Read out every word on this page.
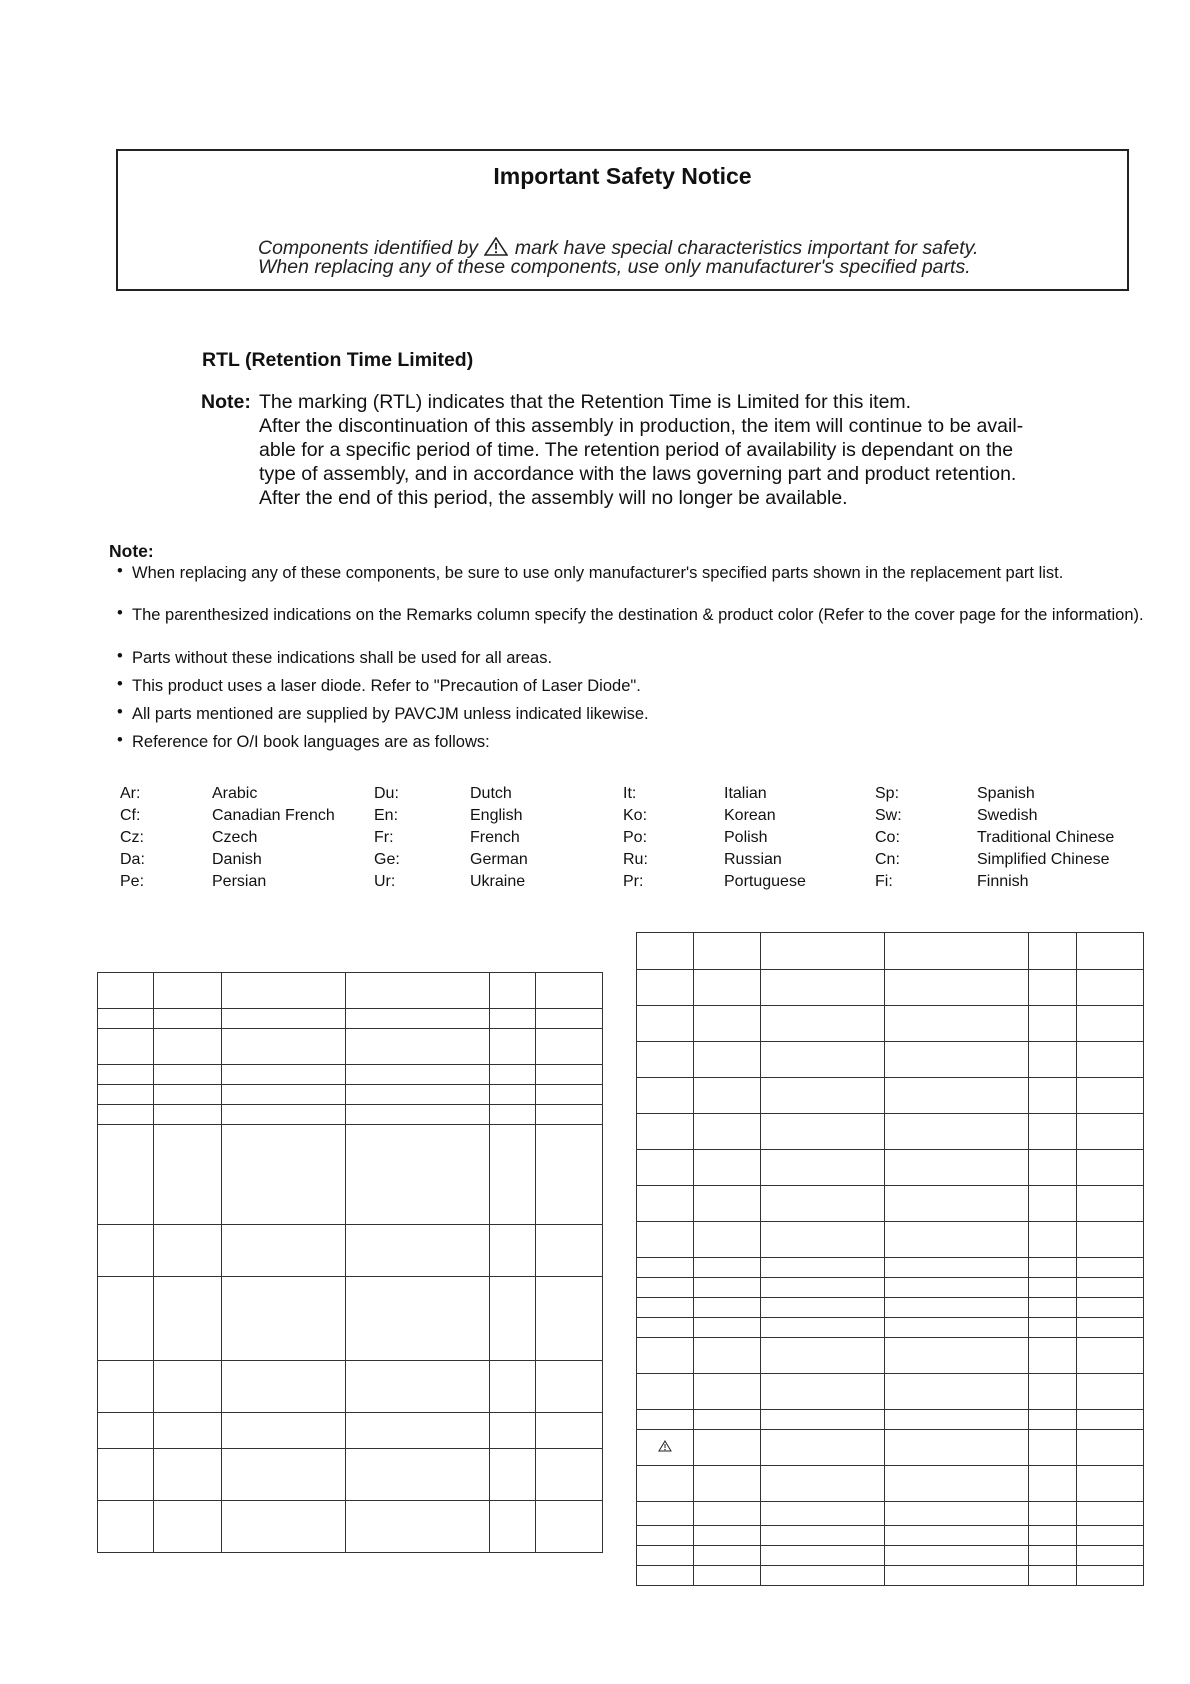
Important Safety Notice
Components identified by mark have special characteristics important for safety.
When replacing any of these components, use only manufacturer's specified parts.
RTL (Retention Time Limited)
Note: The marking (RTL) indicates that the Retention Time is Limited for this item.
After the discontinuation of this assembly in production, the item will continue to be avail-
able for a specific period of time. The retention period of availability is dependant on the
type of assembly, and in accordance with the laws governing part and product retention.
After the end of this period, the assembly will no longer be available.
Note:
• When replacing any of these components, be sure to use only manufacturer's specified parts shown in the replacement part list.
• The parenthesized indications on the Remarks column specify the destination & product color (Refer to the cover page for the information).
• Parts without these indications shall be used for all areas.
• This product uses a laser diode. Refer to "Precaution of Laser Diode".
• All parts mentioned are supplied by PAVCJM unless indicated likewise.
• Reference for O/I book languages are as follows:
Ar:	Arabic	Du:	Dutch	It:	Italian	Sp:	Spanish
Cf:	Canadian French En:	English	Ko:	Korean	Sw:	Swedish
Cz:	Czech	Fr:	French	Po:	Polish	Co:	Traditional Chinese
Da:	Danish	Ge:	German	Ru:	Russian	Cn:	Simplified Chinese
Pe:	Persian	Ur:	Ukraine	Pr:	Portuguese	Fi:	Finnish
